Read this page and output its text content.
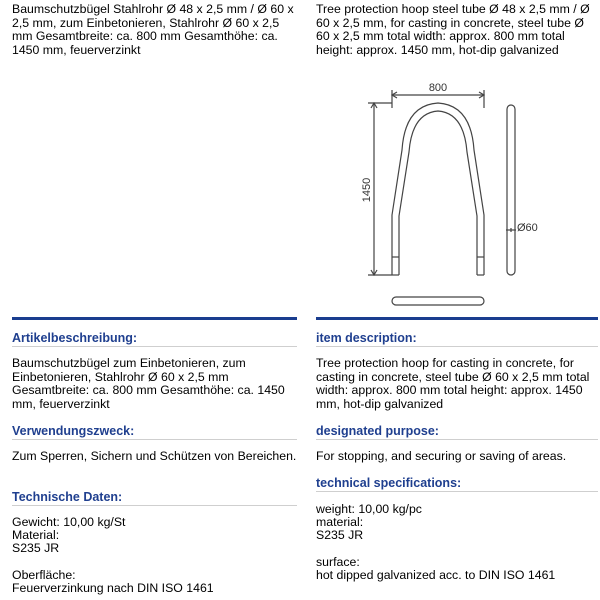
Baumschutzbügel Stahlrohr Ø 48 x 2,5 mm / Ø 60 x 2,5 mm, zum Einbetonieren, Stahlrohr Ø 60 x 2,5 mm Gesamtbreite: ca. 800 mm Gesamthöhe: ca. 1450 mm, feuerverzinkt

Tree protection hoop steel tube Ø 48 x 2,5 mm / Ø 60 x 2,5 mm, for casting in concrete, steel tube Ø 60 x 2,5 mm total width: approx. 800 mm total height: approx. 1450 mm, hot-dip galvanized

800
1450
Ø60

Artikelbeschreibung:

Baumschutzbügel zum Einbetonieren, zum Einbetonieren, Stahlrohr Ø 60 x 2,5 mm Gesamtbreite: ca. 800 mm Gesamthöhe: ca. 1450 mm, feuerverzinkt

Verwendungszweck:

Zum Sperren, Sichern und Schützen von Bereichen.

Technische Daten:

Gewicht: 10,00 kg/St

Material:

S235 JR

Oberfläche:

Feuerverzinkung nach DIN ISO 1461

item description:

Tree protection hoop for casting in concrete, for casting in concrete, steel tube Ø 60 x 2,5 mm total width: approx. 800 mm total height: approx. 1450 mm, hot-dip galvanized

designated purpose:

For stopping, and securing or saving of areas.

technical specifications:

weight: 10,00 kg/pc

material:

S235 JR

surface:

hot dipped galvanized acc. to DIN ISO 1461
